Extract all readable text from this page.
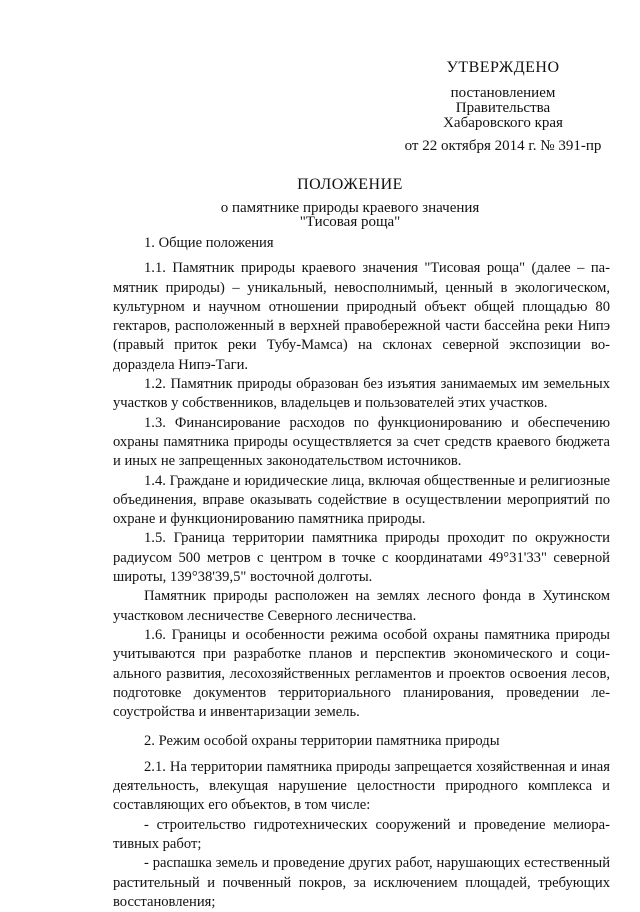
УТВЕРЖДЕНО
постановлением
Правительства
Хабаровского края
от 22 октября 2014 г. № 391-пр
ПОЛОЖЕНИЕ
о памятнике природы краевого значения
"Тисовая роща"

1. Общие положения

1.1. Памятник природы краевого значения "Тисовая роща" (далее – памятник природы) – уникальный, невосполнимый, ценный в экологическом, культурном и научном отношении природный объект общей площадью 80 гектаров, расположенный в верхней правобережной части бассейна реки Нипэ (правый приток реки Тубу-Мамса) на склонах северной экспозиции водораздела Нипэ-Таги.

1.2. Памятник природы образован без изъятия занимаемых им земельных участков у собственников, владельцев и пользователей этих участков.

1.3. Финансирование расходов по функционированию и обеспечению охраны памятника природы осуществляется за счет средств краевого бюджета и иных не запрещенных законодательством источников.

1.4. Граждане и юридические лица, включая общественные и религиозные объединения, вправе оказывать содействие в осуществлении мероприятий по охране и функционированию памятника природы.

1.5. Граница территории памятника природы проходит по окружности радиусом 500 метров с центром в точке с координатами 49°31'33" северной широты, 139°38'39,5" восточной долготы.

Памятник природы расположен на землях лесного фонда в Хутинском участковом лесничестве Северного лесничества.

1.6. Границы и особенности режима особой охраны памятника природы учитываются при разработке планов и перспектив экономического и социального развития, лесохозяйственных регламентов и проектов освоения лесов, подготовке документов территориального планирования, проведении лесоустройства и инвентаризации земель.

2. Режим особой охраны территории памятника природы

2.1. На территории памятника природы запрещается хозяйственная и иная деятельность, влекущая нарушение целостности природного комплекса и составляющих его объектов, в том числе:

- строительство гидротехнических сооружений и проведение мелиоративных работ;

- распашка земель и проведение других работ, нарушающих естественный растительный и почвенный покров, за исключением площадей, требующих восстановления;
